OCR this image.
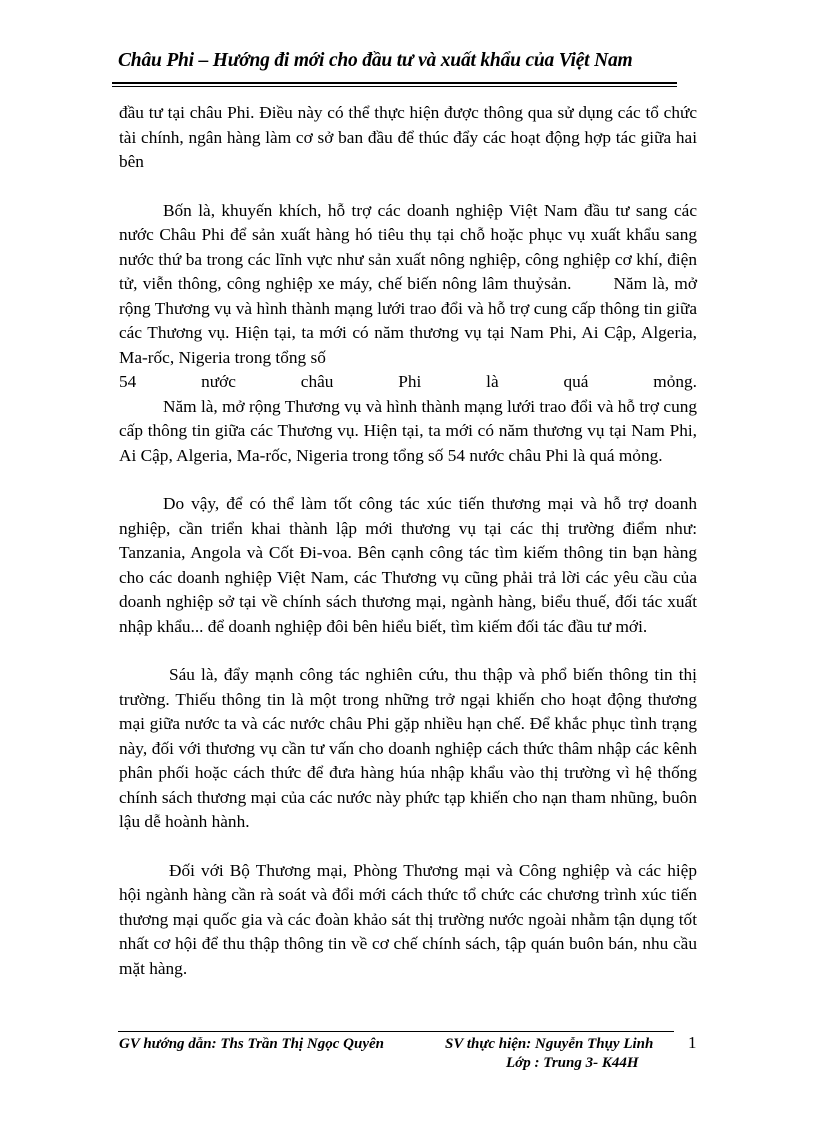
Châu Phi – Hướng đi mới cho đầu tư và xuất khẩu của Việt Nam

đầu tư tại châu Phi. Điều này có thể thực hiện được thông qua sử dụng các tổ chức tài chính, ngân hàng làm cơ sở ban đầu để thúc đẩy các hoạt động hợp tác giữa hai bên

Bốn là, khuyến khích, hỗ trợ các doanh nghiệp Việt Nam đầu tư sang các nước Châu Phi để sản xuất hàng hó tiêu thụ tại chỗ hoặc phục vụ xuất khẩu sang nước thứ ba trong các lĩnh vực như sản xuất nông nghiệp, công nghiệp cơ khí, điện tử, viễn thông, công nghiệp xe máy, chế biến nông lâm thuỷsản. Năm là, mở rộng Thương vụ và hình thành mạng lưới trao đổi và hỗ trợ cung cấp thông tin giữa các Thương vụ. Hiện tại, ta mới có năm thương vụ tại Nam Phi, Ai Cập, Algeria, Ma-rốc, Nigeria trong tổng số

54 nước châu Phi là quá mỏng.

Năm là, mở rộng Thương vụ và hình thành mạng lưới trao đổi và hỗ trợ cung cấp thông tin giữa các Thương vụ. Hiện tại, ta mới có năm thương vụ tại Nam Phi, Ai Cập, Algeria, Ma-rốc, Nigeria trong tổng số 54 nước châu Phi là quá mỏng.

Do vậy, để có thể làm tốt công tác xúc tiến thương mại và hỗ trợ doanh nghiệp, cần triển khai thành lập mới thương vụ tại các thị trường điểm như: Tanzania, Angola và Cốt Đi-voa. Bên cạnh công tác tìm kiếm thông tin bạn hàng cho các doanh nghiệp Việt Nam, các Thương vụ cũng phải trả lời các yêu cầu của doanh nghiệp sở tại về chính sách thương mại, ngành hàng, biểu thuế, đối tác xuất nhập khẩu... để doanh nghiệp đôi bên hiểu biết, tìm kiếm đối tác đầu tư mới.

Sáu là, đẩy mạnh công tác nghiên cứu, thu thập và phổ biến thông tin thị trường. Thiếu thông tin là một trong những trở ngại khiến cho hoạt động thương mại giữa nước ta và các nước châu Phi gặp nhiều hạn chế. Để khắc phục tình trạng này, đối với thương vụ cần tư vấn cho doanh nghiệp cách thức thâm nhập các kênh phân phối hoặc cách thức để đưa hàng húa nhập khẩu vào thị trường vì hệ thống chính sách thương mại của các nước này phức tạp khiến cho nạn tham nhũng, buôn lậu dễ hoành hành.

Đối với Bộ Thương mại, Phòng Thương mại và Công nghiệp và các hiệp hội ngành hàng cần rà soát và đổi mới cách thức tổ chức các chương trình xúc tiến thương mại quốc gia và các đoàn khảo sát thị trường nước ngoài nhằm tận dụng tốt nhất cơ hội để thu thập thông tin về cơ chế chính sách, tập quán buôn bán, nhu cầu mặt hàng.

GV hướng dẫn: Ths Trần Thị Ngọc Quyên	SV thực hiện: Nguyễn Thụy Linh
Lớp : Trung 3- K44H
1
